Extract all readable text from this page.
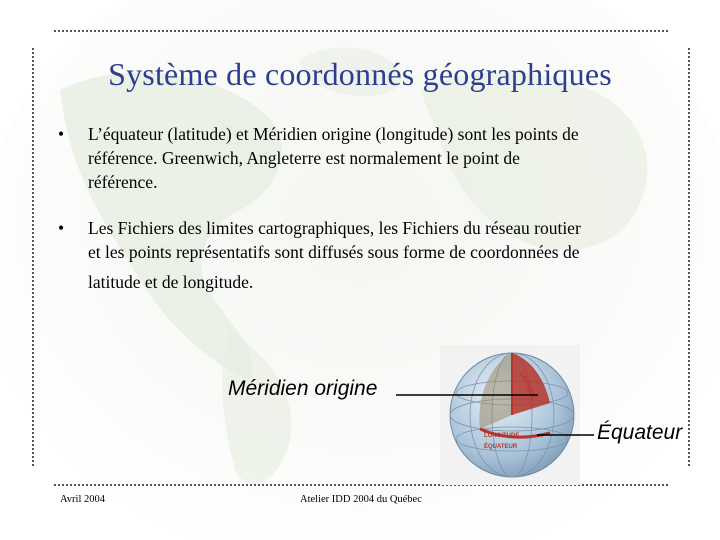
Système de coordonnés géographiques
• L’équateur (latitude) et Méridien origine (longitude) sont les points de
référence. Greenwich, Angleterre est normalement le point de
référence.
• Les Fichiers des limites cartographiques, les Fichiers du réseau routier
et les points représentatifs sont diffusés sous forme de coordonnées de
latitude et de longitude.
LATITUDE
LONGITUDE
ÉQUATEUR
Méridien origine
Équateur
Avril 2004	Atelier IDD 2004 du Québec
